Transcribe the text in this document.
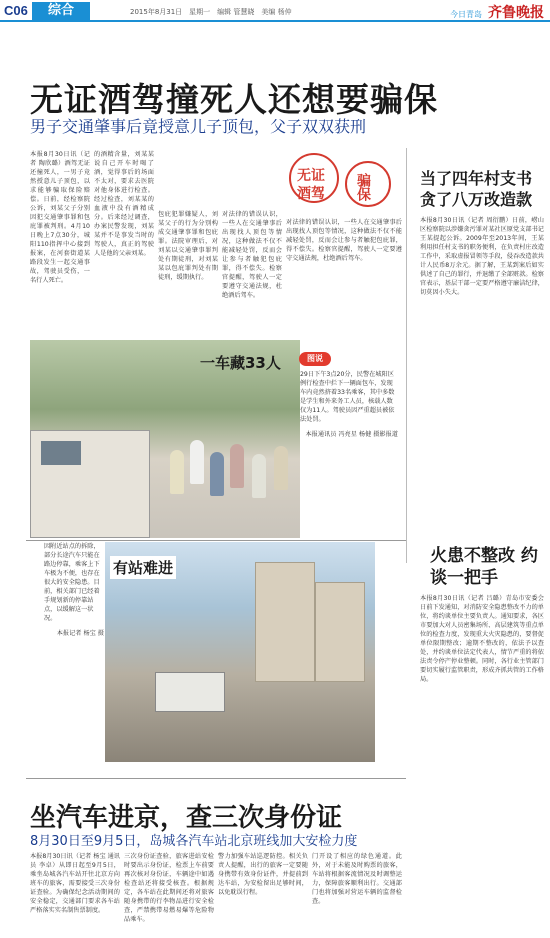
C06	综合	2015年8月31日　星期一　编辑 管慧晓　美编 杨仲	今日青岛 齐鲁晚报
无证酒驾撞死人还想要骗保
男子交通肇事后竟授意儿子顶包，父子双双获刑
本报8月30日讯（记者 陶欣璐）酒驾无证还撞死人，一男子竟然授意儿子顶包，以求能够骗取保险赔偿。日前，经检察院公诉，刘某父子分别因犯交通肇事罪和包庇罪被判刑。4月10日晚上7点30分，城阳110指挥中心接到报案，在河套街道某路段发生一起交通事故，驾驶员受伤，一名行人死亡。
的酒精含量，刘某某说自己开车时喝了酒，觉得事后的场面不太对，要求去医院对他身体进行检查。经过检查，刘某某的血液中没有酒精成分。后来经过调查，办案民警发现，刘某某并不是事发当时的驾驶人，真正的驾驶人是他的父亲刘某。
包庇犯罪嫌疑人，刘某父子的行为分别构成交通肇事罪和包庇罪。法院审理后，对刘某以交通肇事罪判处有期徒刑，对刘某某以包庇罪判处有期徒刑，缓期执行。
对法律的错误认识，一些人在交通肇事后出现找人顶包等情况，这种做法不仅不能减轻处罚，反而会让参与者触犯包庇罪，得不偿失。检察官提醒，驾驶人一定要遵守交通法规，杜绝酒后驾车。
无证 骗保
酒驾
对法律的错误认识，一些人在交通肇事后出现找人顶包等情况，这种做法不仅不能减轻处罚，反而会让参与者触犯包庇罪，得不偿失。检察官提醒，驾驶人一定要遵守交通法规，杜绝酒后驾车。
当了四年村支书 贪了八万改造款
本报8月30日讯（记者 周衍鹏）日前，崂山区检察院以涉嫌贪污罪对某社区原党支部书记王某提起公诉。2009年至2013年间，王某利用担任村支书的职务便利，在负责村庄改造工作中，采取虚报冒领等手段，侵吞改造款共计人民币8万余元。据了解，王某到案后如实供述了自己的罪行，并退缴了全部赃款。检察官表示，基层干部一定要严格遵守廉洁纪律，切莫因小失大。
火患不整改 约谈一把手
本报8月30日讯（记者 吕璐）青岛市安委会日前下发通知，对消防安全隐患整改不力的单位，将约谈单位主要负责人。通知要求，各区市要加大对人员密集场所、高层建筑等重点单位的检查力度，发现重大火灾隐患的，要督促单位限期整改；逾期不整改的，依法予以查处，并约谈单位法定代表人，情节严重的将依法责令停产停业整顿。同时，各行业主管部门要切实履行监管职责，形成齐抓共管的工作格局。
一车藏33人	图说
29日下午3点20分，民警在城阳区例行检查中拦下一辆面包车，发现车内竟然挤着33名乘客，其中多数是学生和外来务工人员，核载人数仅为11人。驾驶员因严重超员被依法处罚。
本报通讯员 冯亮星 杨健 摄影报道
因附近站点的拆除，部分长途汽车只能在路边停靠，乘客上下车极为不便，也存在很大的安全隐患。目前，相关部门已经着手规划新的停靠站点，以缓解这一状况。
本报记者 杨宝 摄
有站难进
坐汽车进京，查三次身份证
8月30日至9月5日，岛城各汽车站北京班线加大安检力度
本报8月30日讯（记者 杨宝 通讯员 李卓）从即日起至9月5日，乘坐岛城各汽车站开往北京方向班车的旅客，需要接受三次身份证查验。为确保纪念活动期间的安全稳定，交通部门要求各车站严格落实实名制售票制度。
三次身份证查验，旅客进站安检时要出示身份证，检票上车前要再次核对身份证，车辆途中如遇检查站还将接受核查。根据规定，各车站在此期间还将对旅客随身携带的行李物品进行安全检查，严禁携带易燃易爆等危险物品乘车。
警力加强车站巡逻防控。相关负责人提醒，出行的旅客一定要随身携带有效身份证件，并提前到达车站，为安检留出足够时间，以免耽误行程。
门开设了相应的绿色通道。此外，对于未能及时购票的旅客，车站将根据客流情况及时调整运力，保障旅客顺利出行。交通部门也将加强对营运车辆的监督检查。
